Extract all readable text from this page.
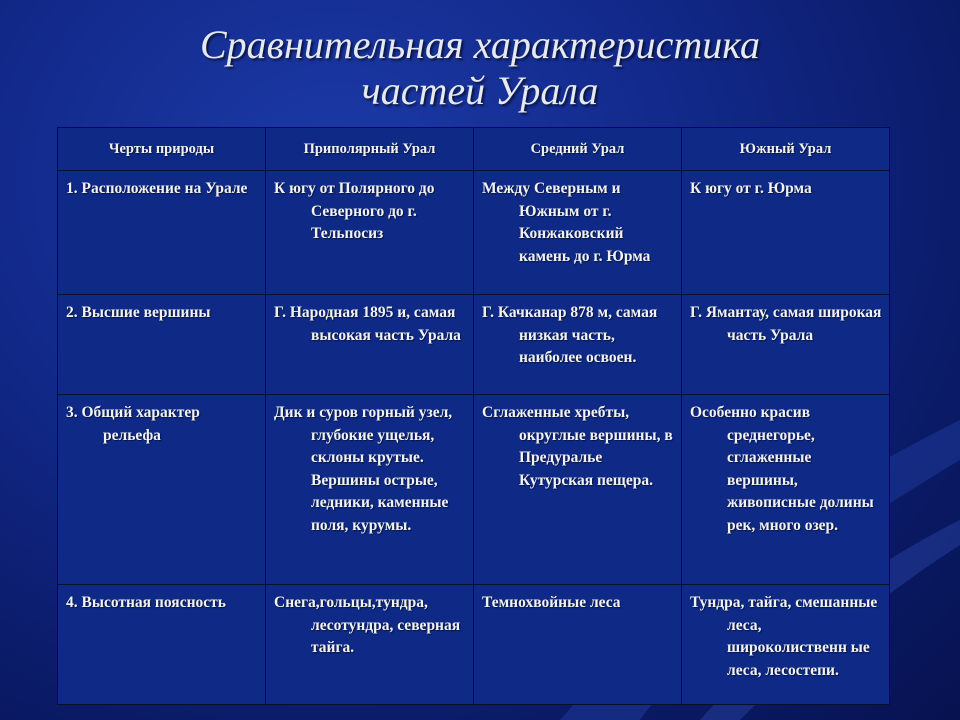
Сравнительная характеристика
частей Урала
Черты природы	Приполярный Урал	Средний Урал	Южный Урал

1. Расположение на Урале	К югу от Полярного до Северного до г. Тельпосиз	Между Северным и Южным от г. Конжаковский камень до г. Юрма	К югу от г. Юрма

2. Высшие вершины	Г. Народная 1895 и, самая высокая часть Урала	Г. Качканар 878 м, самая низкая часть, наиболее освоен.	Г. Ямантау, самая широкая часть Урала

3. Общий характер рельефа	Дик и суров горный узел, глубокие ущелья, склоны крутые. Вершины острые, ледники, каменные поля, курумы.	Сглаженные хребты, округлые вершины, в Предуралье Кутурская пещера.	Особенно красив среднегорье, сглаженные вершины, живописные долины рек, много озер.

4. Высотная поясность	Снега,гольцы,тундра, лесотундра, северная тайга.	Темнохвойные леса	Тундра, тайга, смешанные леса, широколиственн ые леса, лесостепи.
